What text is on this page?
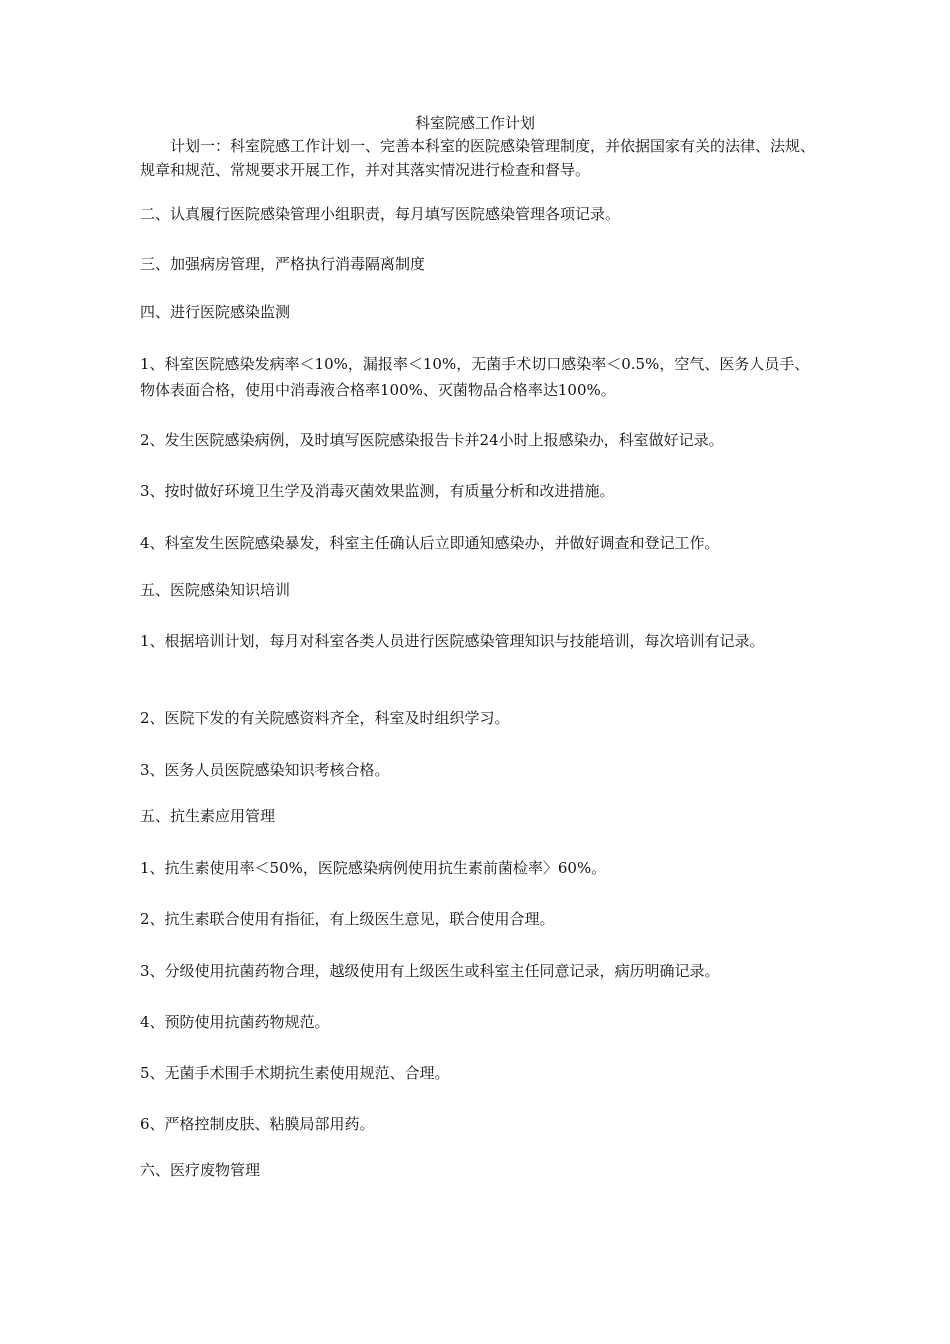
科室院感工作计划

计划一：科室院感工作计划一、完善本科室的医院感染管理制度，并依据国家有关的法律、法规、规章和规范、常规要求开展工作，并对其落实情况进行检查和督导。

二、认真履行医院感染管理小组职责，每月填写医院感染管理各项记录。

三、加强病房管理，严格执行消毒隔离制度

四、进行医院感染监测

1、科室医院感染发病率＜10%，漏报率＜10%，无菌手术切口感染率＜0.5%，空气、医务人员手、物体表面合格，使用中消毒液合格率100%、灭菌物品合格率达100%。

2、发生医院感染病例，及时填写医院感染报告卡并24小时上报感染办，科室做好记录。

3、按时做好环境卫生学及消毒灭菌效果监测，有质量分析和改进措施。

4、科室发生医院感染暴发，科室主任确认后立即通知感染办，并做好调查和登记工作。

五、医院感染知识培训

1、根据培训计划，每月对科室各类人员进行医院感染管理知识与技能培训，每次培训有记录。

2、医院下发的有关院感资料齐全，科室及时组织学习。

3、医务人员医院感染知识考核合格。

五、抗生素应用管理

1、抗生素使用率＜50%，医院感染病例使用抗生素前菌检率〉60%。

2、抗生素联合使用有指征，有上级医生意见，联合使用合理。

3、分级使用抗菌药物合理，越级使用有上级医生或科室主任同意记录，病历明确记录。

4、预防使用抗菌药物规范。

5、无菌手术围手术期抗生素使用规范、合理。

6、严格控制皮肤、粘膜局部用药。

六、医疗废物管理
